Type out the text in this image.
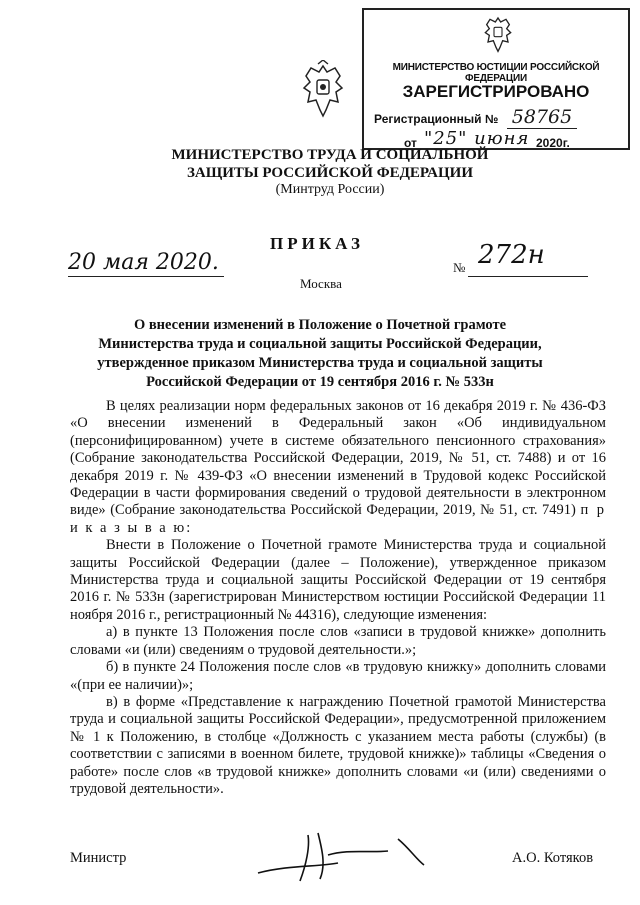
МИНИСТЕРСТВО ЮСТИЦИИ РОССИЙСКОЙ ФЕДЕРАЦИИ
ЗАРЕГИСТРИРОВАНО
Регистрационный № 58765
от "25" июня 2020г.
МИНИСТЕРСТВО ТРУДА И СОЦИАЛЬНОЙ ЗАЩИТЫ РОССИЙСКОЙ ФЕДЕРАЦИИ
(Минтруд России)
ПРИКАЗ
20 мая 2020.	№ 272н
Москва
О внесении изменений в Положение о Почетной грамоте Министерства труда и социальной защиты Российской Федерации, утвержденное приказом Министерства труда и социальной защиты Российской Федерации от 19 сентября 2016 г. № 533н

В целях реализации норм федеральных законов от 16 декабря 2019 г. № 436-ФЗ «О внесении изменений в Федеральный закон «Об индивидуальном (персонифицированном) учете в системе обязательного пенсионного страхования» (Собрание законодательства Российской Федерации, 2019, № 51, ст. 7488) и от 16 декабря 2019 г. № 439-ФЗ «О внесении изменений в Трудовой кодекс Российской Федерации в части формирования сведений о трудовой деятельности в электронном виде» (Собрание законодательства Российской Федерации, 2019, № 51, ст. 7491) п р и к а з ы в а ю:

Внести в Положение о Почетной грамоте Министерства труда и социальной защиты Российской Федерации (далее – Положение), утвержденное приказом Министерства труда и социальной защиты Российской Федерации от 19 сентября 2016 г. № 533н (зарегистрирован Министерством юстиции Российской Федерации 11 ноября 2016 г., регистрационный № 44316), следующие изменения:

а) в пункте 13 Положения после слов «записи в трудовой книжке» дополнить словами «и (или) сведениям о трудовой деятельности.»;

б) в пункте 24 Положения после слов «в трудовую книжку» дополнить словами «(при ее наличии)»;

в) в форме «Представление к награждению Почетной грамотой Министерства труда и социальной защиты Российской Федерации», предусмотренной приложением № 1 к Положению, в столбце «Должность с указанием места работы (службы) (в соответствии с записями в военном билете, трудовой книжке)» таблицы «Сведения о работе» после слов «в трудовой книжке» дополнить словами «и (или) сведениями о трудовой деятельности».

Министр	А.О. Котяков
